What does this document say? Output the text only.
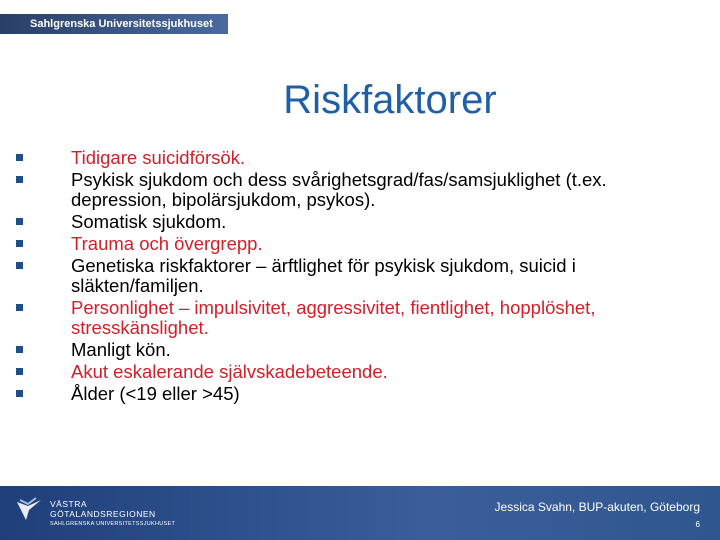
Sahlgrenska Universitetssjukhuset
Riskfaktorer
Tidigare suicidförsök.
Psykisk sjukdom och dess svårighetsgrad/fas/samsjuklighet (t.ex. depression, bipolärsjukdom, psykos).
Somatisk sjukdom.
Trauma och övergrepp.
Genetiska riskfaktorer – ärftlighet för psykisk sjukdom, suicid i släkten/familjen.
Personlighet – impulsivitet, aggressivitet, fientlighet, hopplöshet, stresskänslighet.
Manligt kön.
Akut eskalerande självskadebeteende.
Ålder (<19 eller >45)
VÄSTRA
GÖTALANDSREGIONEN
SAHLGRENSKA UNIVERSITETSSJUKHUSET
Jessica Svahn, BUP-akuten, Göteborg
6
